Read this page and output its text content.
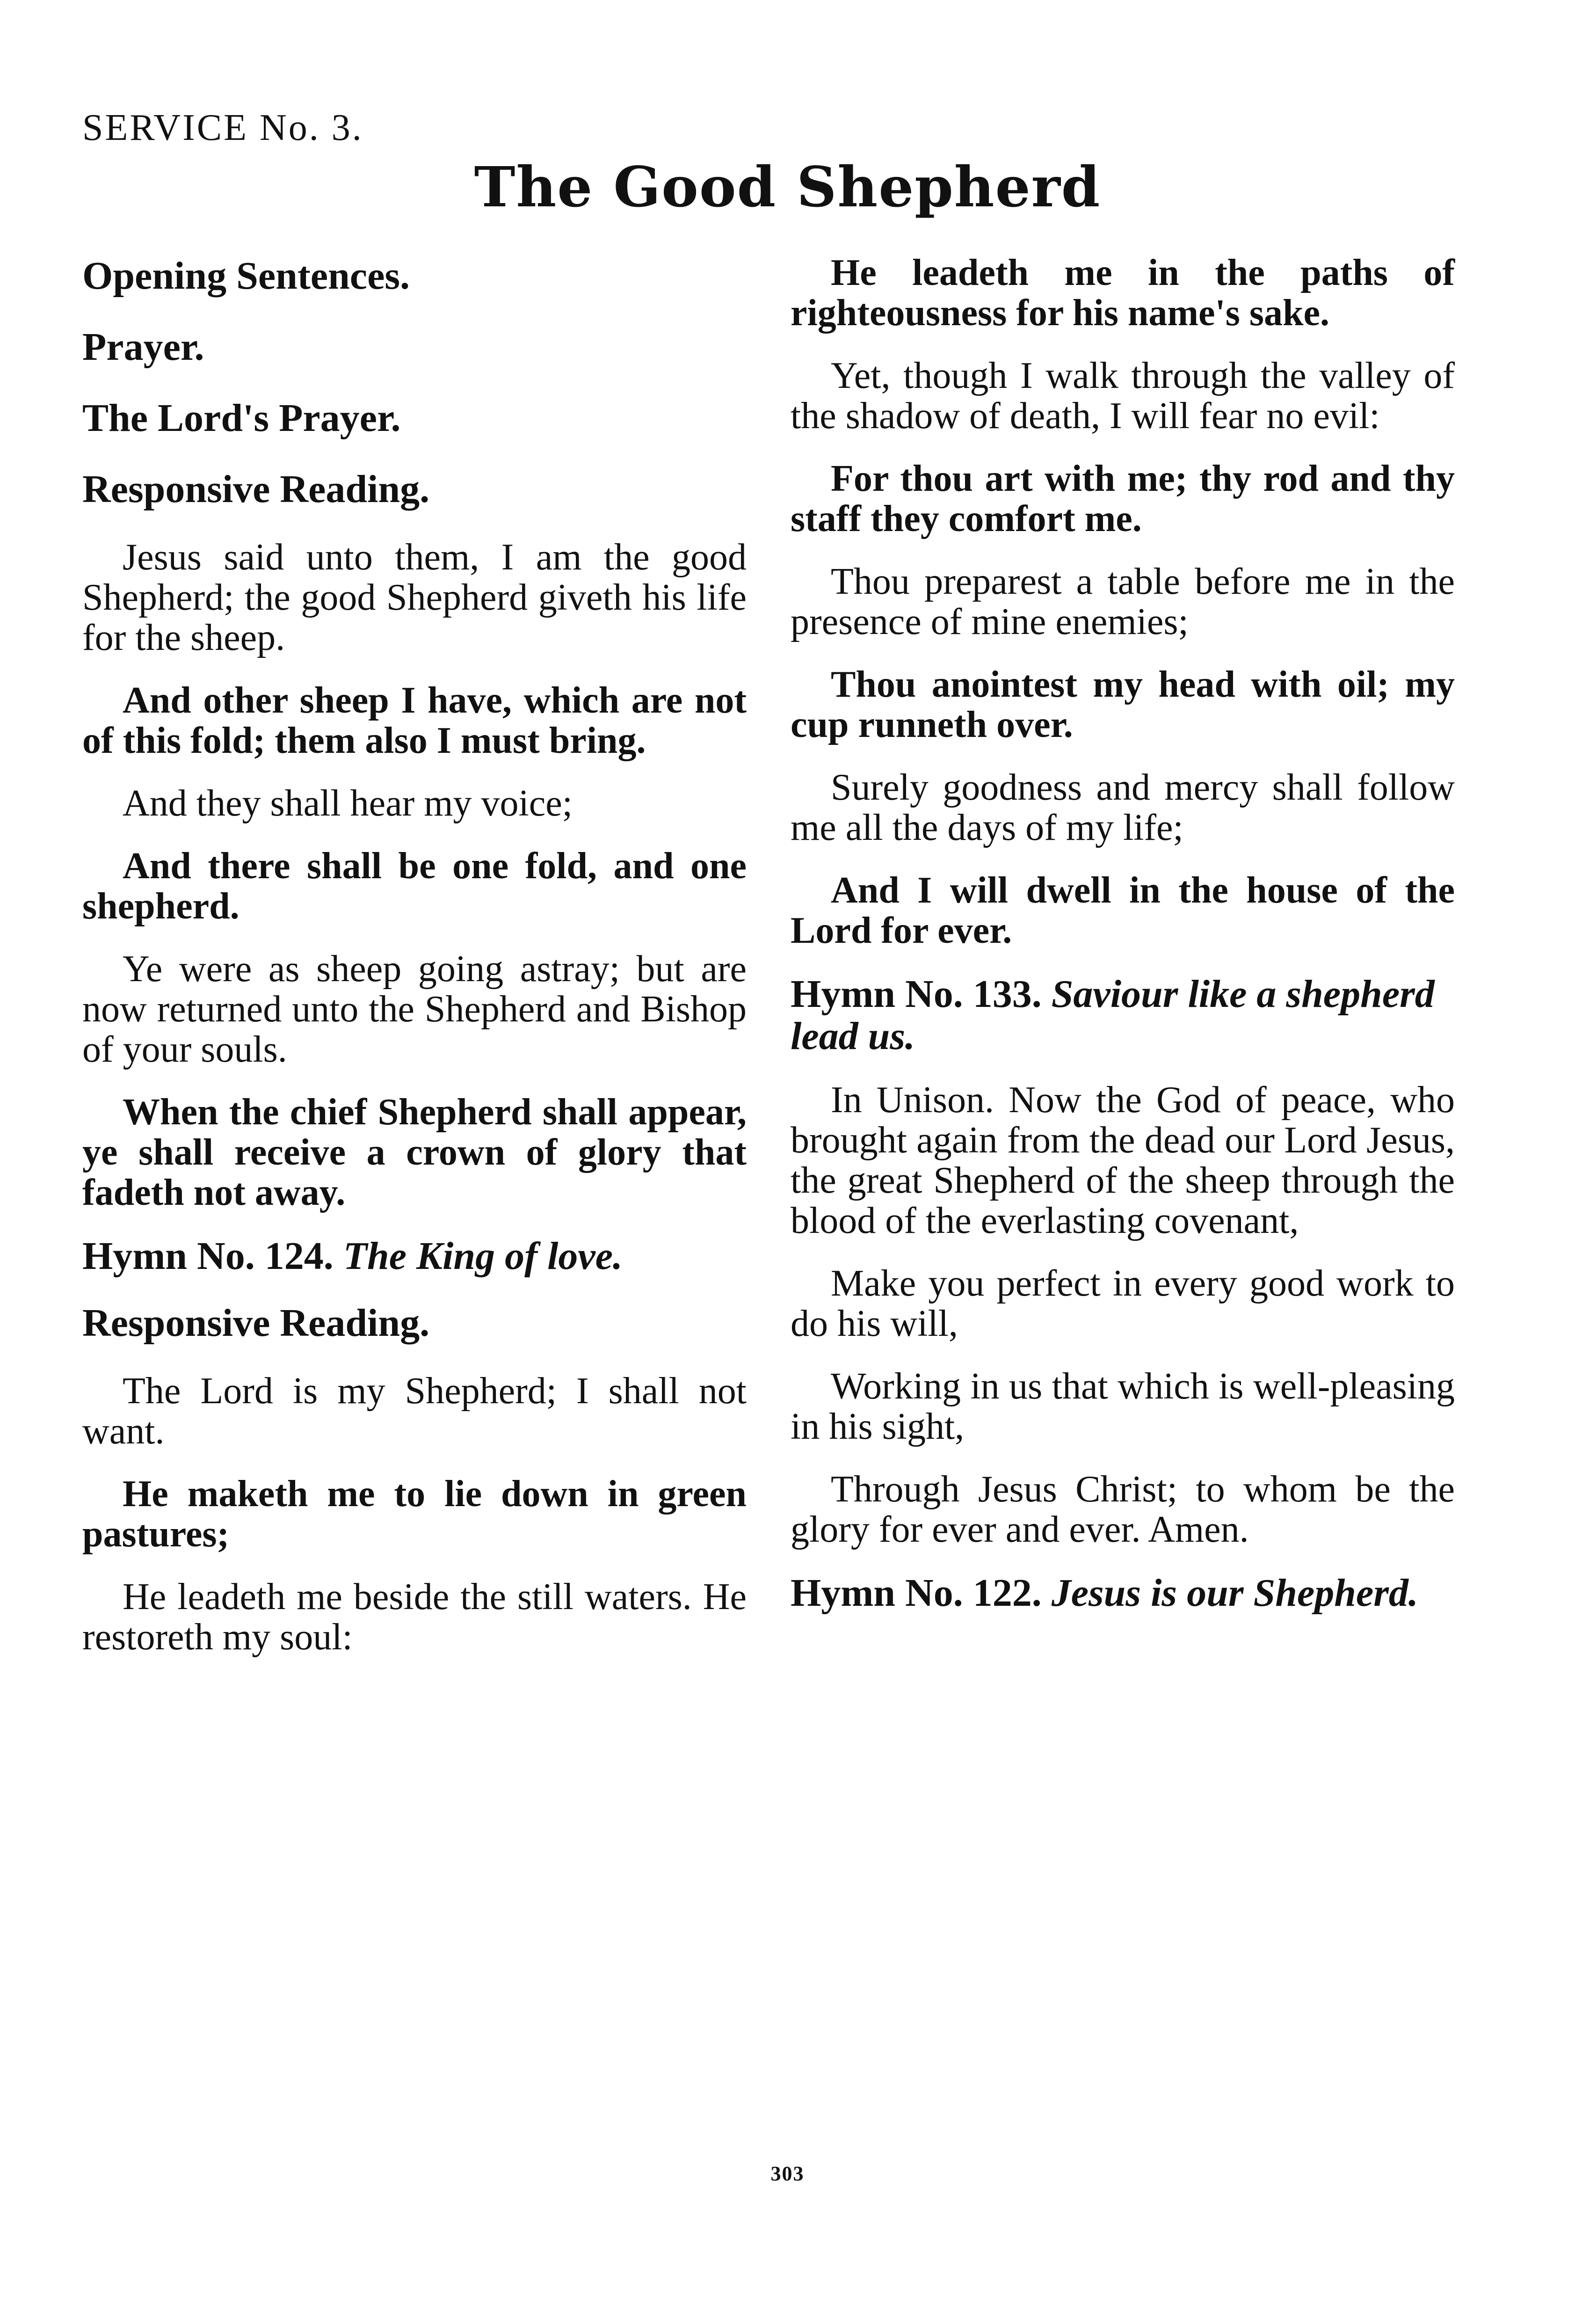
SERVICE No. 3.
The Good Shepherd
Opening Sentences.
Prayer.
The Lord's Prayer.
Responsive Reading.

Jesus said unto them, I am the good Shepherd; the good Shepherd giveth his life for the sheep.

And other sheep I have, which are not of this fold; them also I must bring.

And they shall hear my voice;

And there shall be one fold, and one shepherd.

Ye were as sheep going astray; but are now returned unto the Shepherd and Bishop of your souls.

When the chief Shepherd shall appear, ye shall receive a crown of glory that fadeth not away.

Hymn No. 124. The King of love.
Responsive Reading.

The Lord is my Shepherd; I shall not want.

He maketh me to lie down in green pastures;

He leadeth me beside the still waters. He restoreth my soul:

He leadeth me in the paths of righteousness for his name's sake.

Yet, though I walk through the valley of the shadow of death, I will fear no evil:

For thou art with me; thy rod and thy staff they comfort me.

Thou preparest a table before me in the presence of mine enemies;

Thou anointest my head with oil; my cup runneth over.

Surely goodness and mercy shall follow me all the days of my life;

And I will dwell in the house of the Lord for ever.

Hymn No. 133. Saviour like a shepherd lead us.

In Unison. Now the God of peace, who brought again from the dead our Lord Jesus, the great Shepherd of the sheep through the blood of the everlasting covenant,

Make you perfect in every good work to do his will,

Working in us that which is well-pleasing in his sight,

Through Jesus Christ; to whom be the glory for ever and ever. Amen.

Hymn No. 122. Jesus is our Shepherd.
303
